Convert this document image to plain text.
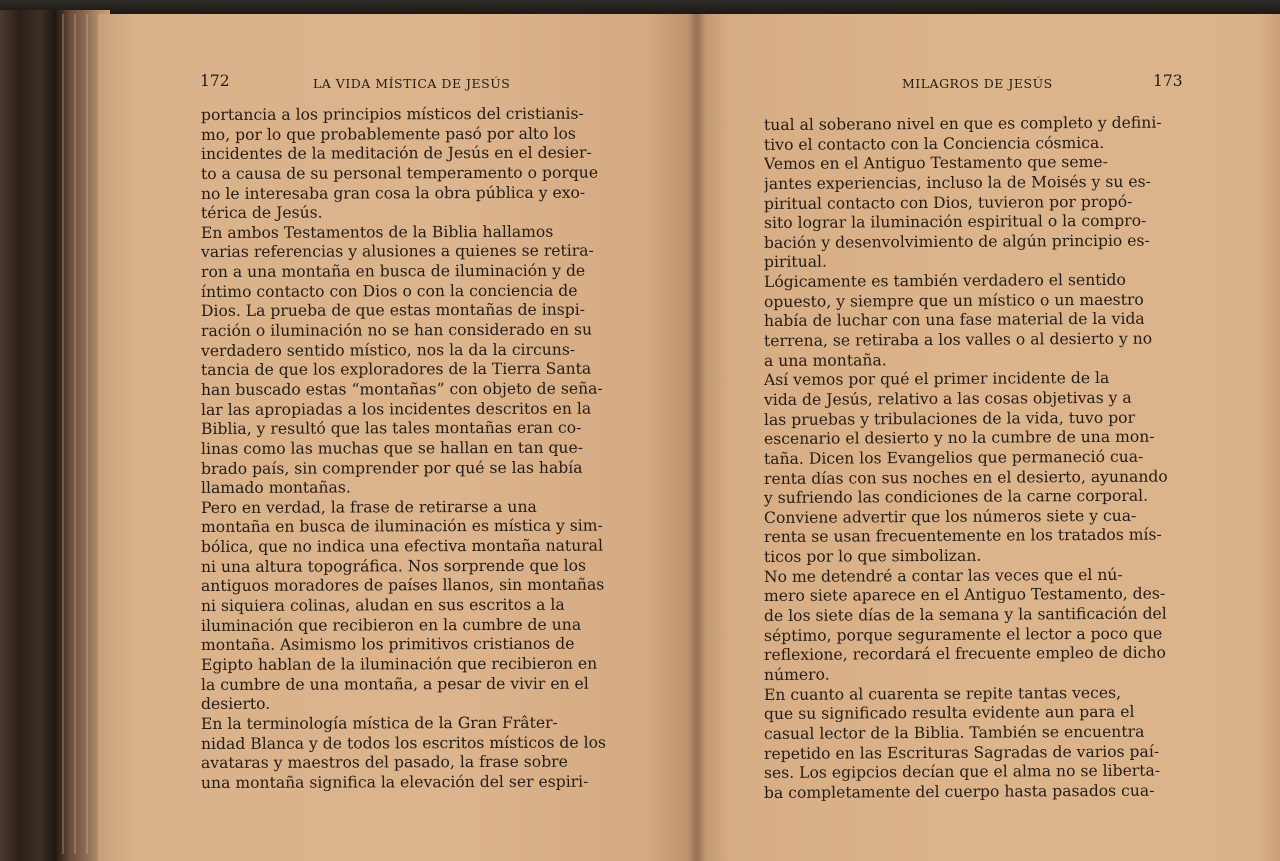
172	LA VIDA MÍSTICA DE JESÚS
portancia a los principios místicos del cristianis-
mo, por lo que probablemente pasó por alto los
incidentes de la meditación de Jesús en el desier-
to a causa de su personal temperamento o porque
no le interesaba gran cosa la obra pública y exo-
térica de Jesús.
En ambos Testamentos de la Biblia hallamos
varias referencias y alusiones a quienes se retira-
ron a una montaña en busca de iluminación y de
íntimo contacto con Dios o con la conciencia de
Dios. La prueba de que estas montañas de inspi-
ración o iluminación no se han considerado en su
verdadero sentido místico, nos la da la circuns-
tancia de que los exploradores de la Tierra Santa
han buscado estas “montañas” con objeto de seña-
lar las apropiadas a los incidentes descritos en la
Biblia, y resultó que las tales montañas eran co-
linas como las muchas que se hallan en tan que-
brado país, sin comprender por qué se las había
llamado montañas.
Pero en verdad, la frase de retirarse a una
montaña en busca de iluminación es mística y sim-
bólica, que no indica una efectiva montaña natural
ni una altura topográfica. Nos sorprende que los
antiguos moradores de países llanos, sin montañas
ni siquiera colinas, aludan en sus escritos a la
iluminación que recibieron en la cumbre de una
montaña. Asimismo los primitivos cristianos de
Egipto hablan de la iluminación que recibieron en
la cumbre de una montaña, a pesar de vivir en el
desierto.
En la terminología mística de la Gran Frâter-
nidad Blanca y de todos los escritos místicos de los
avataras y maestros del pasado, la frase sobre
una montaña significa la elevación del ser espiri-
MILAGROS DE JESÚS	173
tual al soberano nivel en que es completo y defini-
tivo el contacto con la Conciencia cósmica.
Vemos en el Antiguo Testamento que seme-
jantes experiencias, incluso la de Moisés y su es-
piritual contacto con Dios, tuvieron por propó-
sito lograr la iluminación espiritual o la compro-
bación y desenvolvimiento de algún principio es-
piritual.
Lógicamente es también verdadero el sentido
opuesto, y siempre que un místico o un maestro
había de luchar con una fase material de la vida
terrena, se retiraba a los valles o al desierto y no
a una montaña.
Así vemos por qué el primer incidente de la
vida de Jesús, relativo a las cosas objetivas y a
las pruebas y tribulaciones de la vida, tuvo por
escenario el desierto y no la cumbre de una mon-
taña. Dicen los Evangelios que permaneció cua-
renta días con sus noches en el desierto, ayunando
y sufriendo las condiciones de la carne corporal.
Conviene advertir que los números siete y cua-
renta se usan frecuentemente en los tratados mís-
ticos por lo que simbolizan.
No me detendré a contar las veces que el nú-
mero siete aparece en el Antiguo Testamento, des-
de los siete días de la semana y la santificación del
séptimo, porque seguramente el lector a poco que
reflexione, recordará el frecuente empleo de dicho
número.
En cuanto al cuarenta se repite tantas veces,
que su significado resulta evidente aun para el
casual lector de la Biblia. También se encuentra
repetido en las Escrituras Sagradas de varios paí-
ses. Los egipcios decían que el alma no se liberta-
ba completamente del cuerpo hasta pasados cua-
